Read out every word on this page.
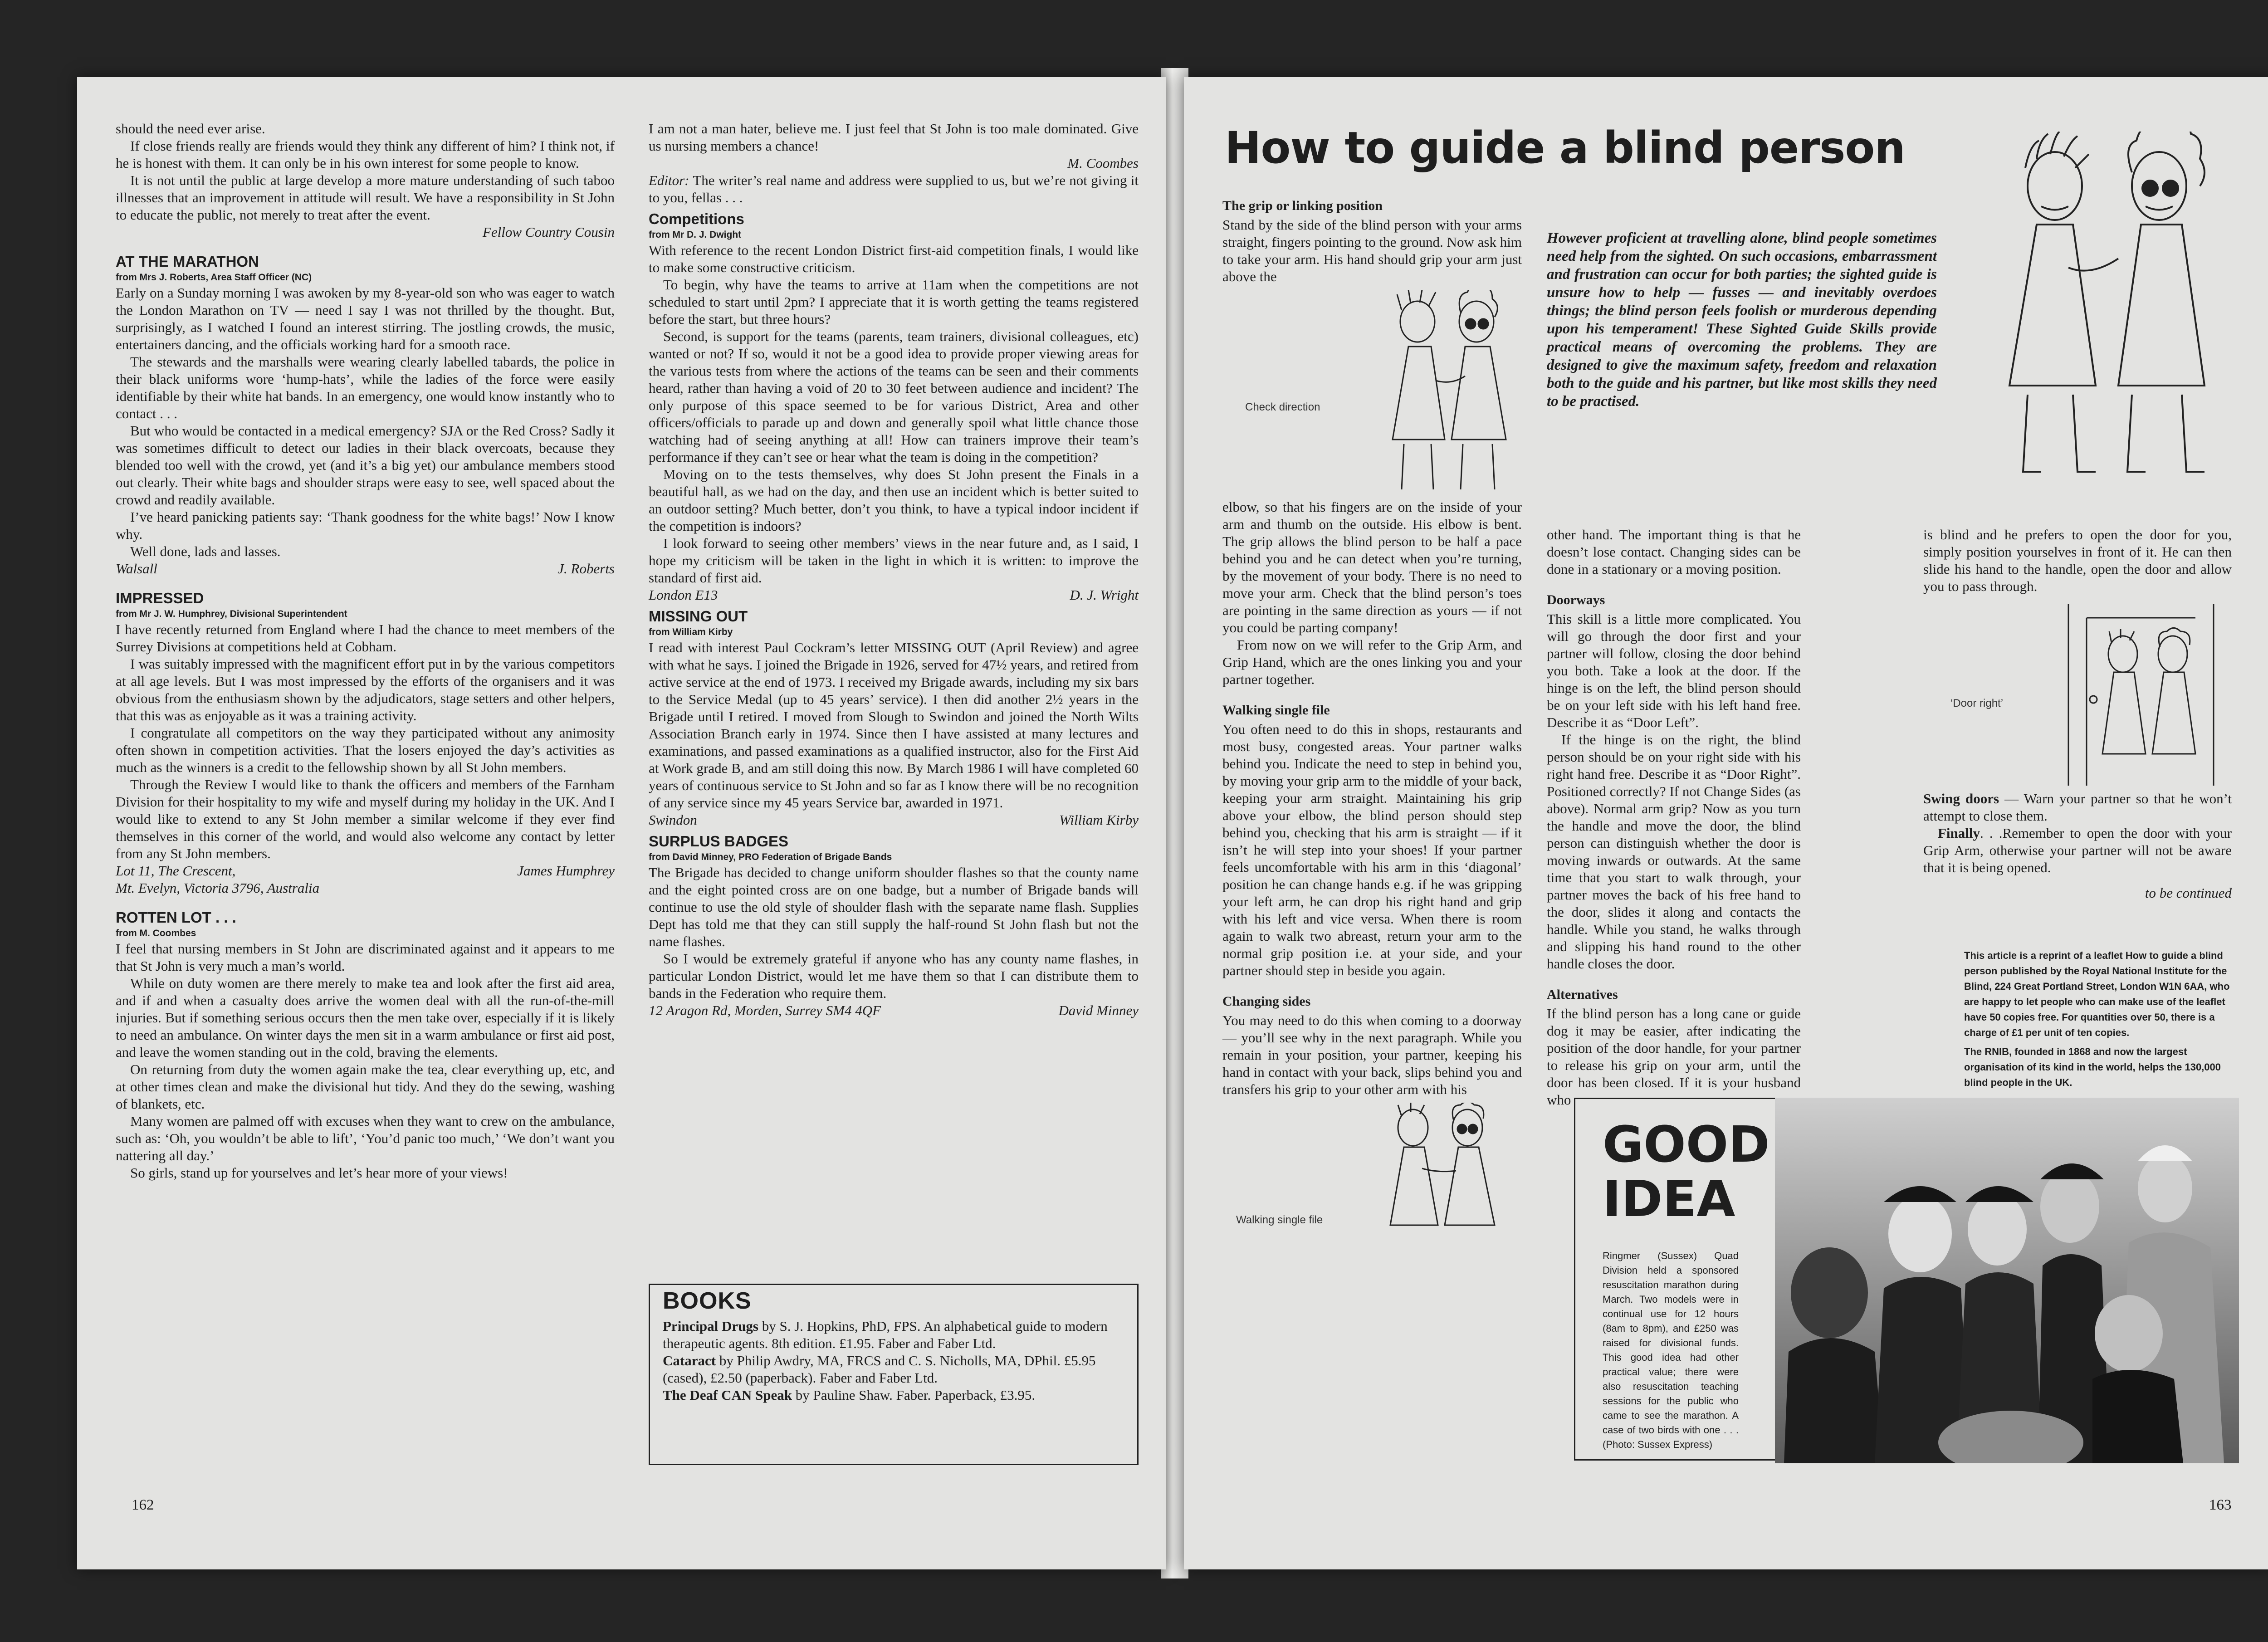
should the need ever arise.

If close friends really are friends would they think any different of him? I think not, if he is honest with them. It can only be in his own interest for some people to know.

It is not until the public at large develop a more mature understanding of such taboo illnesses that an improvement in attitude will result. We have a responsibility in St John to educate the public, not merely to treat after the event.

Fellow Country Cousin
AT THE MARATHON
from Mrs J. Roberts, Area Staff Officer (NC)

Early on a Sunday morning I was awoken by my 8-year-old son who was eager to watch the London Marathon on TV — need I say I was not thrilled by the thought. But, surprisingly, as I watched I found an interest stirring. The jostling crowds, the music, entertainers dancing, and the officials working hard for a smooth race.

The stewards and the marshalls were wearing clearly labelled tabards, the police in their black uniforms wore ‘hump-hats’, while the ladies of the force were easily identifiable by their white hat bands. In an emergency, one would know instantly who to contact . . .

But who would be contacted in a medical emergency? SJA or the Red Cross? Sadly it was sometimes difficult to detect our ladies in their black overcoats, because they blended too well with the crowd, yet (and it’s a big yet) our ambulance members stood out clearly. Their white bags and shoulder straps were easy to see, well spaced about the crowd and readily available.

I’ve heard panicking patients say: ‘Thank goodness for the white bags!’ Now I know why.

Well done, lads and lasses.

Walsall	J. Roberts
IMPRESSED
from Mr J. W. Humphrey, Divisional Superintendent

I have recently returned from England where I had the chance to meet members of the Surrey Divisions at competitions held at Cobham.

I was suitably impressed with the magnificent effort put in by the various competitors at all age levels. But I was most impressed by the efforts of the organisers and it was obvious from the enthusiasm shown by the adjudicators, stage setters and other helpers, that this was as enjoyable as it was a training activity.

I congratulate all competitors on the way they participated without any animosity often shown in competition activities. That the losers enjoyed the day’s activities as much as the winners is a credit to the fellowship shown by all St John members.

Through the Review I would like to thank the officers and members of the Farnham Division for their hospitality to my wife and myself during my holiday in the UK. And I would like to extend to any St John member a similar welcome if they ever find themselves in this corner of the world, and would also welcome any contact by letter from any St John members.

Lot 11, The Crescent,	James Humphrey
Mt. Evelyn, Victoria 3796, Australia
ROTTEN LOT . . .
from M. Coombes

I feel that nursing members in St John are discriminated against and it appears to me that St John is very much a man’s world.

While on duty women are there merely to make tea and look after the first aid area, and if and when a casualty does arrive the women deal with all the run-of-the-mill injuries. But if something serious occurs then the men take over, especially if it is likely to need an ambulance. On winter days the men sit in a warm ambulance or first aid post, and leave the women standing out in the cold, braving the elements.

On returning from duty the women again make the tea, clear everything up, etc, and at other times clean and make the divisional hut tidy. And they do the sewing, washing of blankets, etc.

Many women are palmed off with excuses when they want to crew on the ambulance, such as: ‘Oh, you wouldn’t be able to lift’, ‘You’d panic too much,’ ‘We don’t want you nattering all day.’

So girls, stand up for yourselves and let’s hear more of your views!

I am not a man hater, believe me. I just feel that St John is too male dominated. Give us nursing members a chance!

M. Coombes

Editor: The writer’s real name and address were supplied to us, but we’re not giving it to you, fellas . . .

Competitions
from Mr D. J. Dwight

With reference to the recent London District first-aid competition finals, I would like to make some constructive criticism.

To begin, why have the teams to arrive at 11am when the competitions are not scheduled to start until 2pm? I appreciate that it is worth getting the teams registered before the start, but three hours?

Second, is support for the teams (parents, team trainers, divisional colleagues, etc) wanted or not? If so, would it not be a good idea to provide proper viewing areas for the various tests from where the actions of the teams can be seen and their comments heard, rather than having a void of 20 to 30 feet between audience and incident? The only purpose of this space seemed to be for various District, Area and other officers/officials to parade up and down and generally spoil what little chance those watching had of seeing anything at all! How can trainers improve their team’s performance if they can’t see or hear what the team is doing in the competition?

Moving on to the tests themselves, why does St John present the Finals in a beautiful hall, as we had on the day, and then use an incident which is better suited to an outdoor setting? Much better, don’t you think, to have a typical indoor incident if the competition is indoors?

I look forward to seeing other members’ views in the near future and, as I said, I hope my criticism will be taken in the light in which it is written: to improve the standard of first aid.

London E13	D. J. Wright
MISSING OUT
from William Kirby

I read with interest Paul Cockram’s letter MISSING OUT (April Review) and agree with what he says. I joined the Brigade in 1926, served for 47½ years, and retired from active service at the end of 1973. I received my Brigade awards, including my six bars to the Service Medal (up to 45 years’ service). I then did another 2½ years in the Brigade until I retired. I moved from Slough to Swindon and joined the North Wilts Association Branch early in 1974. Since then I have assisted at many lectures and examinations, and passed examinations as a qualified instructor, also for the First Aid at Work grade B, and am still doing this now. By March 1986 I will have completed 60 years of continuous service to St John and so far as I know there will be no recognition of any service since my 45 years Service bar, awarded in 1971.

Swindon	William Kirby
SURPLUS BADGES
from David Minney, PRO Federation of Brigade Bands

The Brigade has decided to change uniform shoulder flashes so that the county name and the eight pointed cross are on one badge, but a number of Brigade bands will continue to use the old style of shoulder flash with the separate name flash. Supplies Dept has told me that they can still supply the half-round St John flash but not the name flashes.

So I would be extremely grateful if anyone who has any county name flashes, in particular London District, would let me have them so that I can distribute them to bands in the Federation who require them.

12 Aragon Rd, Morden, Surrey SM4 4QF	David Minney
BOOKS

Principal Drugs by S. J. Hopkins, PhD, FPS. An alphabetical guide to modern therapeutic agents. 8th edition. £1.95. Faber and Faber Ltd.

Cataract by Philip Awdry, MA, FRCS and C. S. Nicholls, MA, DPhil. £5.95 (cased), £2.50 (paperback). Faber and Faber Ltd.

The Deaf CAN Speak by Pauline Shaw. Faber. Paperback, £3.95.

162
How to guide a blind person

However proficient at travelling alone, blind people sometimes need help from the sighted. On such occasions, embarrassment and frustration can occur for both parties; the sighted guide is unsure how to help — fusses — and inevitably overdoes things; the blind person feels foolish or murderous depending upon his temperament! These Sighted Guide Skills provide practical means of overcoming the problems. They are designed to give the maximum safety, freedom and relaxation both to the guide and his partner, but like most skills they need to be practised.

The grip or linking position

Stand by the side of the blind person with your arms straight, fingers pointing to the ground. Now ask him to take your arm. His hand should grip your arm just above the

Check direction

elbow, so that his fingers are on the inside of your arm and thumb on the outside. His elbow is bent. The grip allows the blind person to be half a pace behind you and he can detect when you’re turning, by the movement of your body. There is no need to move your arm. Check that the blind person’s toes are pointing in the same direction as yours — if not you could be parting company!

From now on we will refer to the Grip Arm, and Grip Hand, which are the ones linking you and your partner together.

Walking single file

You often need to do this in shops, restaurants and most busy, congested areas. Your partner walks behind you. Indicate the need to step in behind you, by moving your grip arm to the middle of your back, keeping your arm straight. Maintaining his grip above your elbow, the blind person should step behind you, checking that his arm is straight — if it isn’t he will step into your shoes! If your partner feels uncomfortable with his arm in this ‘diagonal’ position he can change hands e.g. if he was gripping your left arm, he can drop his right hand and grip with his left and vice versa. When there is room again to walk two abreast, return your arm to the normal grip position i.e. at your side, and your partner should step in beside you again.

Changing sides

You may need to do this when coming to a doorway — you’ll see why in the next paragraph. While you remain in your position, your partner, keeping his hand in contact with your back, slips behind you and transfers his grip to your other arm with his

Walking single file

other hand. The important thing is that he doesn’t lose contact. Changing sides can be done in a stationary or a moving position.

Doorways

This skill is a little more complicated. You will go through the door first and your partner will follow, closing the door behind you both. Take a look at the door. If the hinge is on the left, the blind person should be on your left side with his left hand free. Describe it as “Door Left”.

If the hinge is on the right, the blind person should be on your right side with his right hand free. Describe it as “Door Right”. Positioned correctly? If not Change Sides (as above). Normal arm grip? Now as you turn the handle and move the door, the blind person can distinguish whether the door is moving inwards or outwards. At the same time that you start to walk through, your partner moves the back of his free hand to the door, slides it along and contacts the handle. While you stand, he walks through and slipping his hand round to the other handle closes the door.

Alternatives

If the blind person has a long cane or guide dog it may be easier, after indicating the position of the door handle, for your partner to release his grip on your arm, until the door has been closed. If it is your husband who

is blind and he prefers to open the door for you, simply position yourselves in front of it. He can then slide his hand to the handle, open the door and allow you to pass through.

‘Door right’

Swing doors — Warn your partner so that he won’t attempt to close them.

Finally. . .Remember to open the door with your Grip Arm, otherwise your partner will not be aware that it is being opened.

to be continued

This article is a reprint of a leaflet How to guide a blind person published by the Royal National Institute for the Blind, 224 Great Portland Street, London W1N 6AA, who are happy to let people who can make use of the leaflet have 50 copies free. For quantities over 50, there is a charge of £1 per unit of ten copies.

The RNIB, founded in 1868 and now the largest organisation of its kind in the world, helps the 130,000 blind people in the UK.

GOOD
IDEA

Ringmer (Sussex) Quad Division held a sponsored resuscitation marathon during March. Two models were in continual use for 12 hours (8am to 8pm), and £250 was raised for divisional funds. This good idea had other practical value; there were also resuscitation teaching sessions for the public who came to see the marathon. A case of two birds with one . . . (Photo: Sussex Express)

163
